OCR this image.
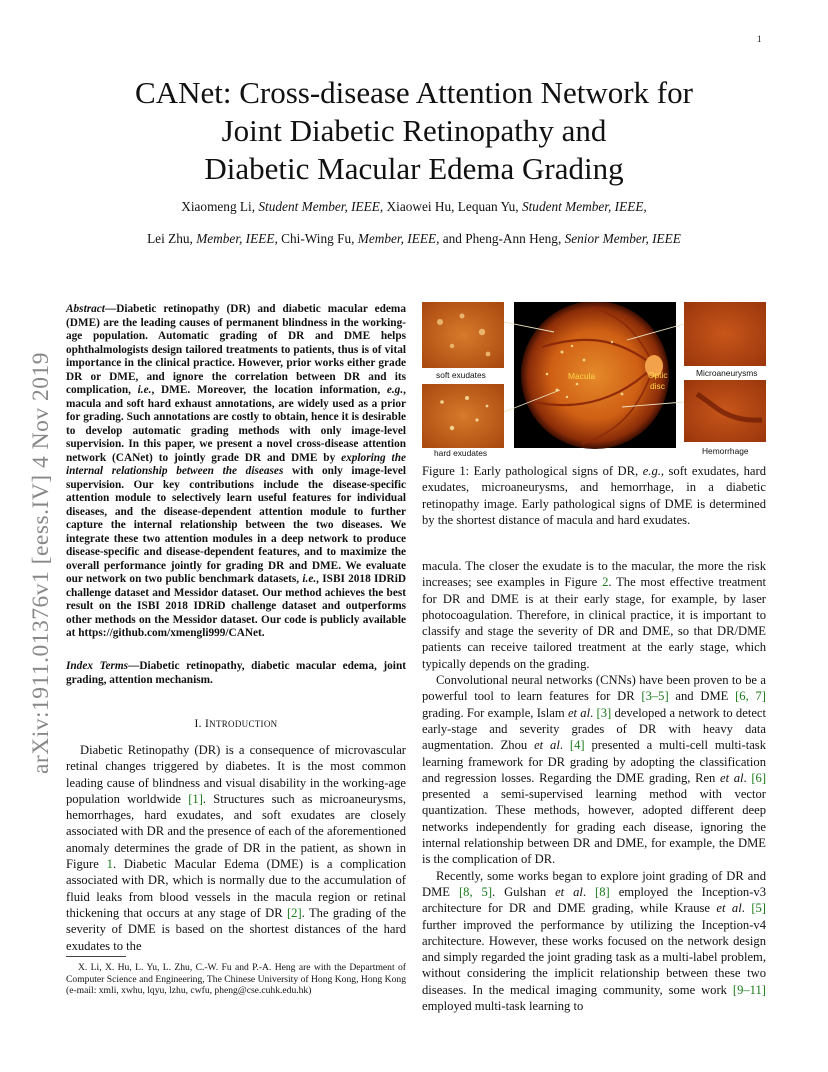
1
arXiv:1911.01376v1 [eess.IV] 4 Nov 2019
CANet: Cross-disease Attention Network for
Joint Diabetic Retinopathy and
Diabetic Macular Edema Grading
Xiaomeng Li, Student Member, IEEE, Xiaowei Hu, Lequan Yu, Student Member, IEEE,
Lei Zhu, Member, IEEE, Chi-Wing Fu, Member, IEEE, and Pheng-Ann Heng, Senior Member, IEEE
Abstract—Diabetic retinopathy (DR) and diabetic macular edema (DME) are the leading causes of permanent blindness in the working-age population. Automatic grading of DR and DME helps ophthalmologists design tailored treatments to patients, thus is of vital importance in the clinical practice. However, prior works either grade DR or DME, and ignore the correlation between DR and its complication, i.e., DME. Moreover, the location information, e.g., macula and soft hard exhaust annotations, are widely used as a prior for grading. Such annotations are costly to obtain, hence it is desirable to develop automatic grading methods with only image-level supervision. In this paper, we present a novel cross-disease attention network (CANet) to jointly grade DR and DME by exploring the internal relationship between the diseases with only image-level supervision. Our key contributions include the disease-specific attention module to selectively learn useful features for individual diseases, and the disease-dependent attention module to further capture the internal relationship between the two diseases. We integrate these two attention modules in a deep network to produce disease-specific and disease-dependent features, and to maximize the overall performance jointly for grading DR and DME. We evaluate our network on two public benchmark datasets, i.e., ISBI 2018 IDRiD challenge dataset and Messidor dataset. Our method achieves the best result on the ISBI 2018 IDRiD challenge dataset and outperforms other methods on the Messidor dataset. Our code is publicly available at https://github.com/xmengli999/CANet.
Index Terms—Diabetic retinopathy, diabetic macular edema, joint grading, attention mechanism.
I. INTRODUCTION

Diabetic Retinopathy (DR) is a consequence of microvascular retinal changes triggered by diabetes. It is the most common leading cause of blindness and visual disability in the working-age population worldwide [1]. Structures such as microaneurysms, hemorrhages, hard exudates, and soft exudates are closely associated with DR and the presence of each of the aforementioned anomaly determines the grade of DR in the patient, as shown in Figure 1. Diabetic Macular Edema (DME) is a complication associated with DR, which is normally due to the accumulation of fluid leaks from blood vessels in the macula region or retinal thickening that occurs at any stage of DR [2]. The grading of the severity of DME is based on the shortest distances of the hard exudates to the

X. Li, X. Hu, L. Yu, L. Zhu, C.-W. Fu and P.-A. Heng are with the Department of Computer Science and Engineering, The Chinese University of Hong Kong, Hong Kong (e-mail: xmli, xwhu, lqyu, lzhu, cwfu, pheng@cse.cuhk.edu.hk)
soft exudates
hard exudates
Microaneurysms
Hemorrhage
Macula	Optic
disc
Figure 1: Early pathological signs of DR, e.g., soft exudates, hard exudates, microaneurysms, and hemorrhage, in a diabetic retinopathy image. Early pathological signs of DME is determined by the shortest distance of macula and hard exudates.

macula. The closer the exudate is to the macular, the more the risk increases; see examples in Figure 2. The most effective treatment for DR and DME is at their early stage, for example, by laser photocoagulation. Therefore, in clinical practice, it is important to classify and stage the severity of DR and DME, so that DR/DME patients can receive tailored treatment at the early stage, which typically depends on the grading.

Convolutional neural networks (CNNs) have been proven to be a powerful tool to learn features for DR [3–5] and DME [6, 7] grading. For example, Islam et al. [3] developed a network to detect early-stage and severity grades of DR with heavy data augmentation. Zhou et al. [4] presented a multi-cell multi-task learning framework for DR grading by adopting the classification and regression losses. Regarding the DME grading, Ren et al. [6] presented a semi-supervised learning method with vector quantization. These methods, however, adopted different deep networks independently for grading each disease, ignoring the internal relationship between DR and DME, for example, the DME is the complication of DR.

Recently, some works began to explore joint grading of DR and DME [8, 5]. Gulshan et al. [8] employed the Inception-v3 architecture for DR and DME grading, while Krause et al. [5] further improved the performance by utilizing the Inception-v4 architecture. However, these works focused on the network design and simply regarded the joint grading task as a multi-label problem, without considering the implicit relationship between these two diseases. In the medical imaging community, some work [9–11] employed multi-task learning to
